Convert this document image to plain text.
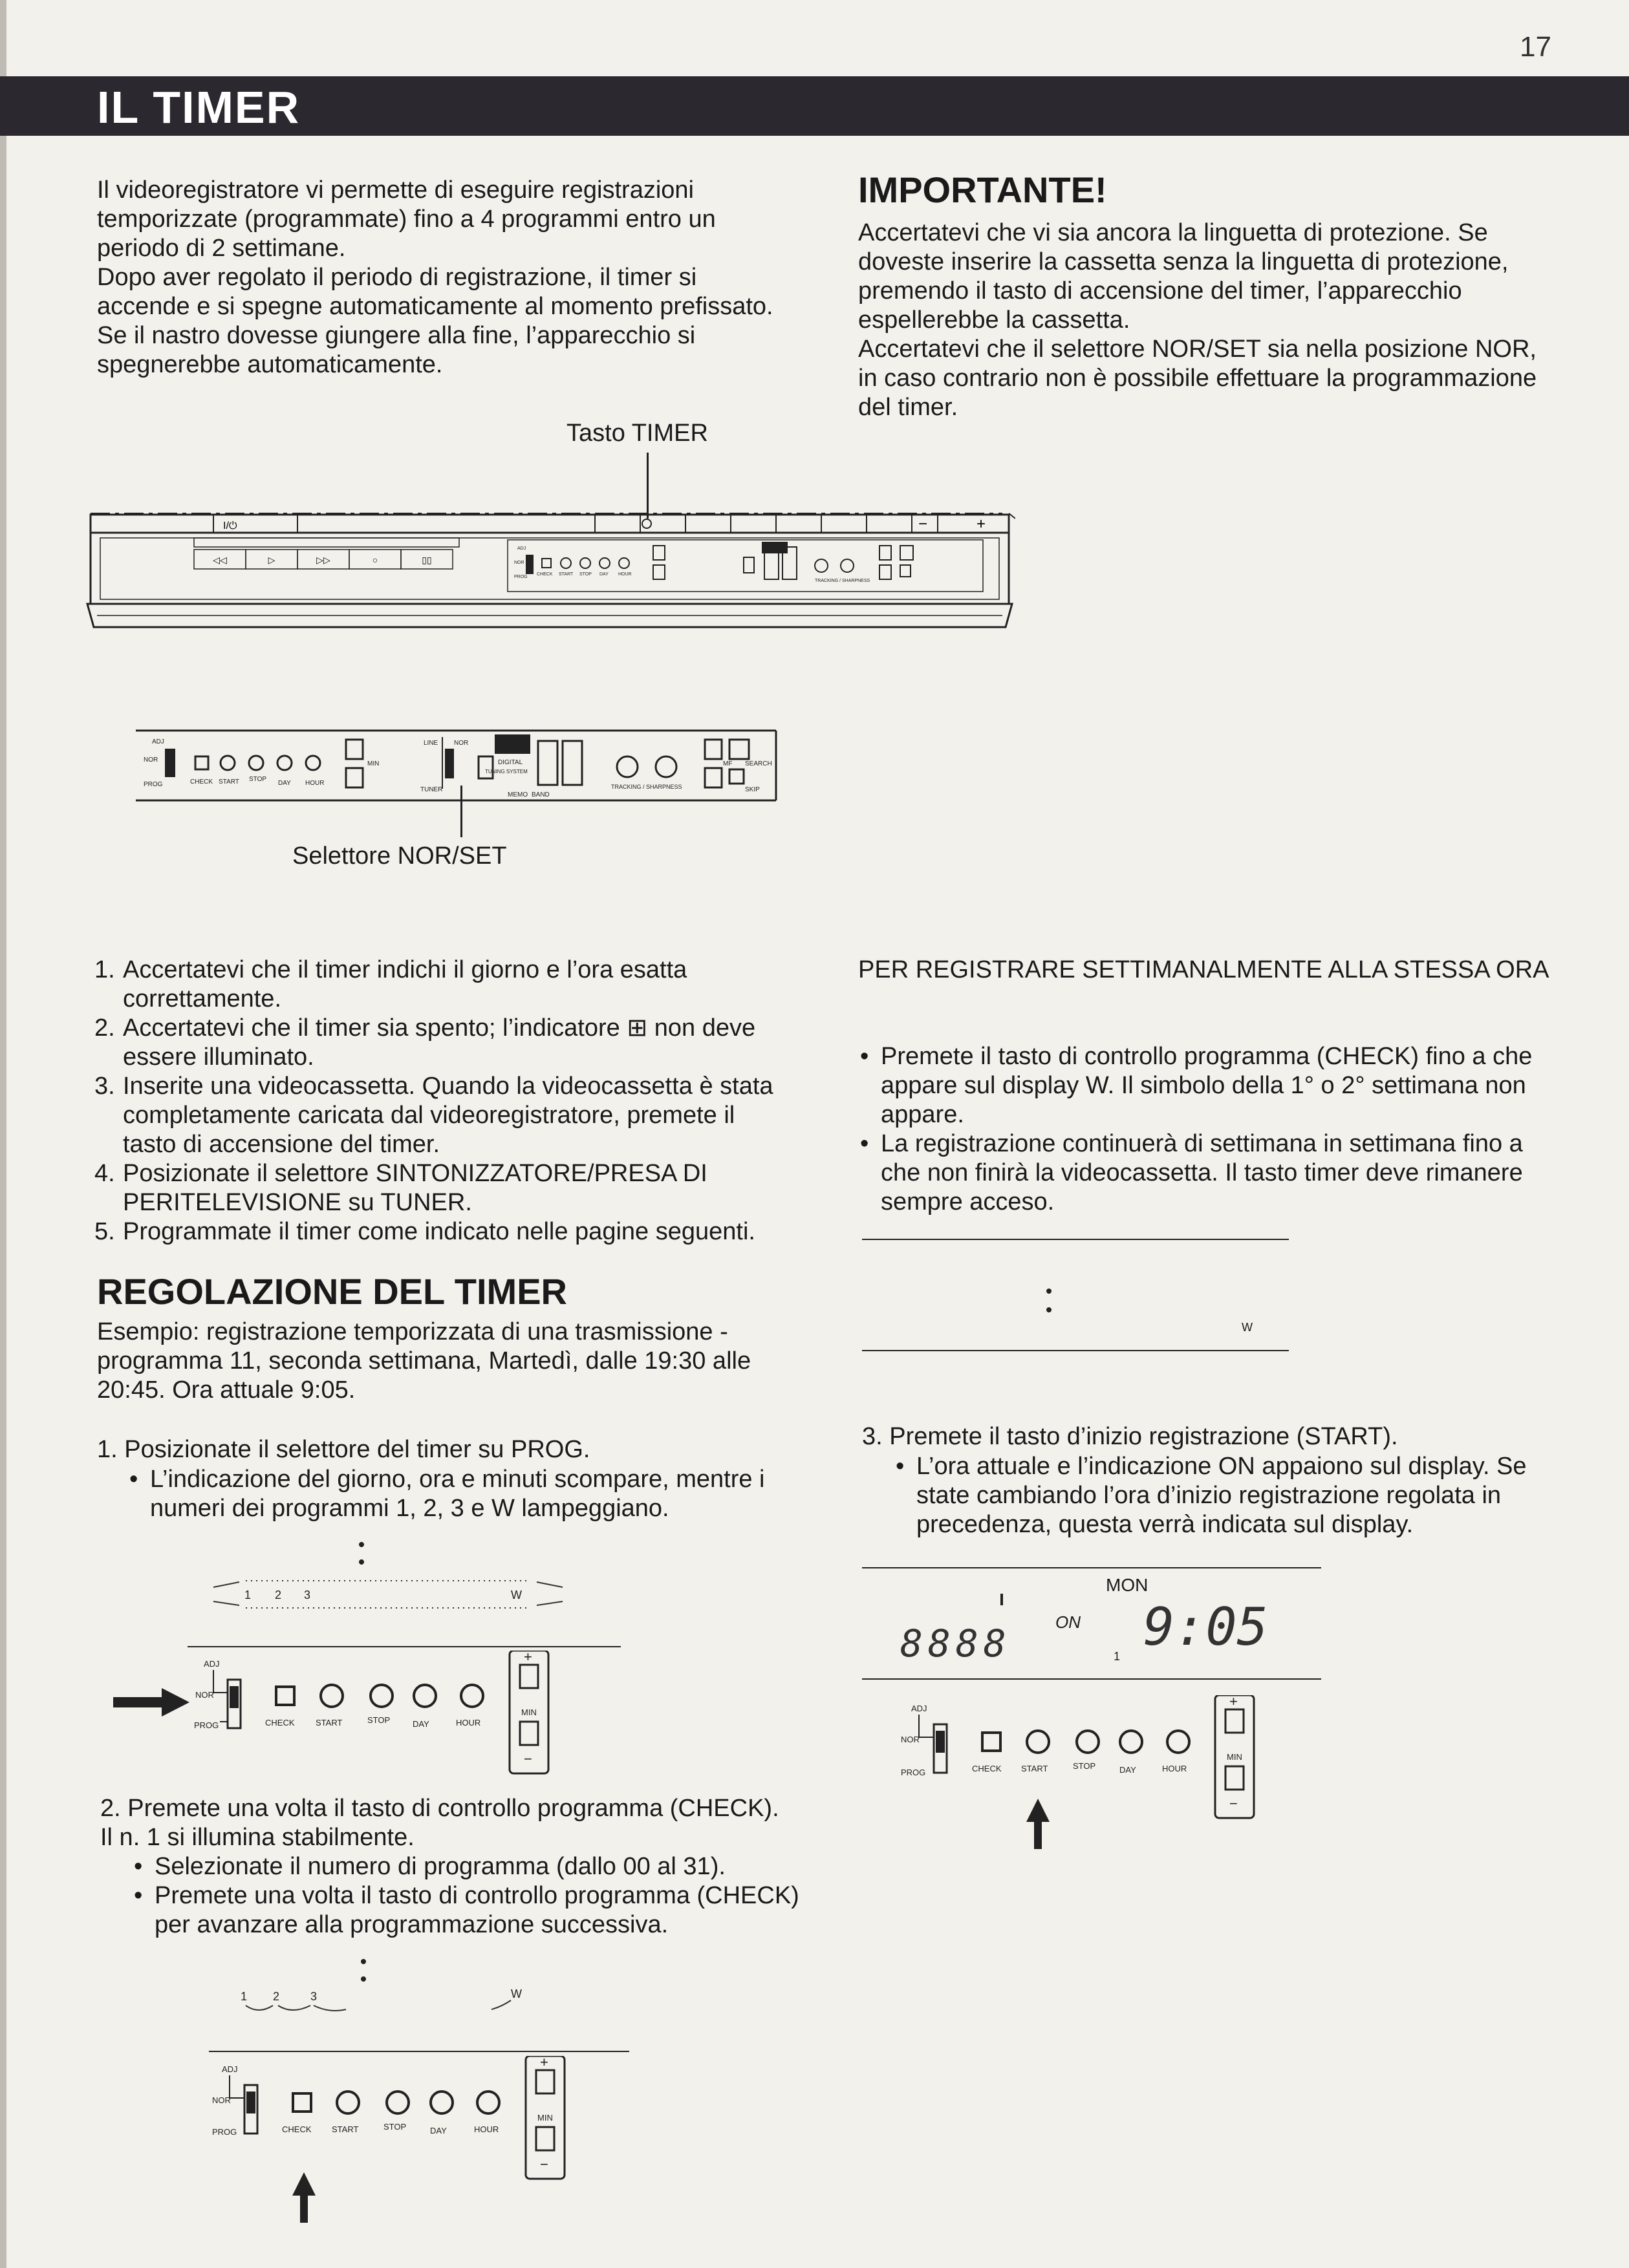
17
IL TIMER

Il videoregistratore vi permette di eseguire registrazioni temporizzate (programmate) fino a 4 programmi entro un periodo di 2 settimane.

Dopo aver regolato il periodo di registrazione, il timer si accende e si spegne automaticamente al momento prefissato.

Se il nastro dovesse giungere alla fine, l’apparecchio si spegnerebbe automaticamente.

IMPORTANTE!

Accertatevi che vi sia ancora la linguetta di protezione. Se doveste inserire la cassetta senza la linguetta di protezione, premendo il tasto di accensione del timer, l’apparecchio espellerebbe la cassetta.

Accertatevi che il selettore NOR/SET sia nella posizione NOR, in caso contrario non è possibile effettuare la programmazione del timer.

Tasto TIMER
I/⏻	+
−
◁◁	▷	▷▷	○	▯▯
ADJ
NOR
PROG
CHECK START STOP DAY HOUR
TRACKING / SHARPNESS
ADJ
NOR
PROG	CHECK START STOP
DAY HOUR
MIN
LINE NOR
TUNER
DIGITAL
TUNING SYSTEM
MEMO BAND
TRACKING / SHARPNESS
MF SEARCH
SKIP
Selettore NOR/SET
1. Accertatevi che il timer indichi il giorno e l’ora esatta correttamente.
2. Accertatevi che il timer sia spento; l’indicatore ⊞ non deve essere illuminato.
3. Inserite una videocassetta. Quando la videocassetta è stata completamente caricata dal videoregistratore, premete il tasto di accensione del timer.
4. Posizionate il selettore SINTONIZZATORE/PRESA DI PERITELEVISIONE su TUNER.
5. Programmate il timer come indicato nelle pagine seguenti.
REGOLAZIONE DEL TIMER
Esempio: registrazione temporizzata di una trasmissione - programma 11, seconda settimana, Martedì, dalle 19:30 alle 20:45. Ora attuale 9:05.
1. Posizionate il selettore del timer su PROG.
• L’indicazione del giorno, ora e minuti scompare, mentre i numeri dei programmi 1, 2, 3 e W lampeggiano.
1 2 3	W
ADJ
NOR
PROG	CHECK START	STOP	DAY	HOUR
MIN
+
−
2. Premete una volta il tasto di controllo programma (CHECK). Il n. 1 si illumina stabilmente.
• Selezionate il numero di programma (dallo 00 al 31).
• Premete una volta il tasto di controllo programma (CHECK) per avanzare alla programmazione successiva.
1 2	3	W
ADJ
NOR
PROG	CHECK START	STOP	DAY	HOUR
MIN
+
−
PER REGISTRARE SETTIMANALMENTE ALLA STESSA ORA
• Premete il tasto di controllo programma (CHECK) fino a che appare sul display W. Il simbolo della 1° o 2° settimana non appare.
• La registrazione continuerà di settimana in settimana fino a che non finirà la videocassetta. Il tasto timer deve rimanere sempre acceso.
W
3. Premete il tasto d’inizio registrazione (START).
• L’ora attuale e l’indicazione ON appaiono sul display. Se state cambiando l’ora d’inizio registrazione regolata in precedenza, questa verrà indicata sul display.
MON
ON
8888	1 9:05
ADJ
NOR
PROG	CHECK START	STOP	DAY	HOUR
MIN
+
−
